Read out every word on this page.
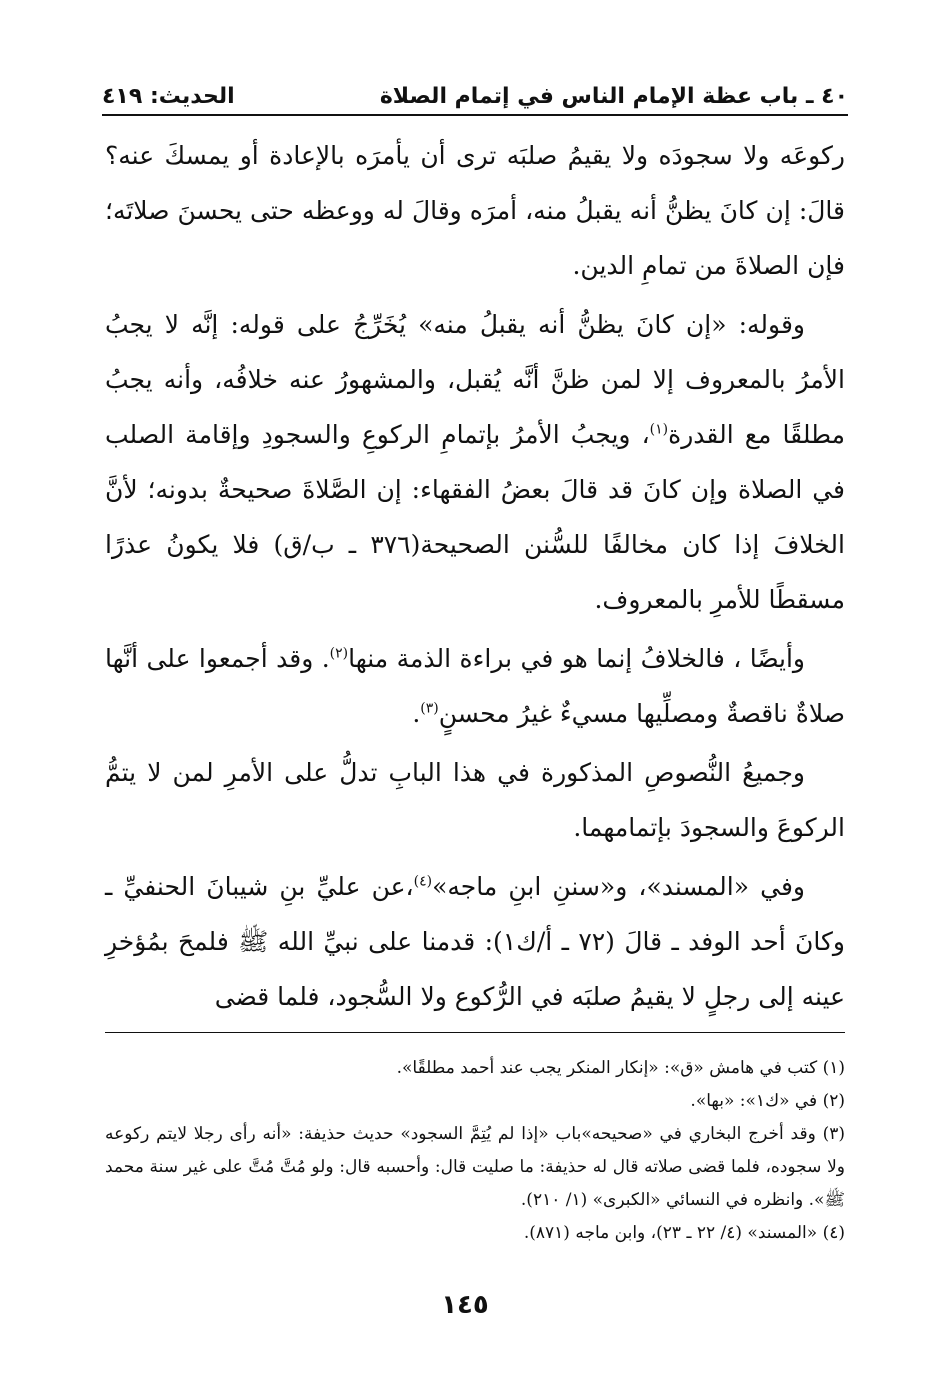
٤٠ ـ باب عظة الإمام الناس في إتمام الصلاة
الحديث: ٤١٩

ركوعَه ولا سجودَه ولا يقيمُ صلبَه ترى أن يأمرَه بالإعادة أو يمسكَ عنه؟ قالَ: إن كانَ يظنُّ أنه يقبلُ منه، أمرَه وقالَ له ووعظه حتى يحسنَ صلاتَه؛ فإن الصلاةَ من تمامِ الدين.

وقوله: «إن كانَ يظنُّ أنه يقبلُ منه» يُخَرِّجُ على قوله: إنَّه لا يجبُ الأمرُ بالمعروف إلا لمن ظنَّ أنَّه يُقبل، والمشهورُ عنه خلافُه، وأنه يجبُ مطلقًا مع القدرة$^{(١)}$، ويجبُ الأمرُ بإتمامِ الركوعِ والسجودِ وإقامة الصلب في الصلاة وإن كانَ قد قالَ بعضُ الفقهاء: إن الصَّلاةَ صحيحةٌ بدونه؛ لأنَّ الخلافَ إذا كان مخالفًا للسُّنن الصحيحة(٣٧٦ ـ ب/ق) فلا يكونُ عذرًا مسقطًا للأمرِ بالمعروف.

وأيضًا ، فالخلافُ إنما هو في براءة الذمة منها$^{(٢)}$. وقد أجمعوا على أنَّها صلاةٌ ناقصةٌ ومصلِّيها مسيءٌ غيرُ محسنٍ$^{(٣)}$.

وجميعُ النُّصوصِ المذكورة في هذا البابِ تدلُّ على الأمرِ لمن لا يتمُّ الركوعَ والسجودَ بإتمامهما.

وفي «المسند»، و«سننِ ابنِ ماجه»$^{(٤)}$،عن عليِّ بنِ شيبانَ الحنفيِّ ـ وكانَ أحد الوفد ـ قالَ (٧٢ ـ أ/ك١): قدمنا على نبيِّ الله ﷺ فلمحَ بمُؤخرِ عينه إلى رجلٍ لا يقيمُ صلبَه في الرُّكوع ولا السُّجود، فلما قضى

(١) كتب في هامش «ق»: «إنكار المنكر يجب عند أحمد مطلقًا».

(٢) في «ك١»: «بها».

(٣) وقد أخرج البخاري في «صحيحه»باب «إذا لم يُتِمَّ السجود» حديث حذيفة: «أنه رأى رجلا لايتم ركوعه ولا سجوده، فلما قضى صلاته قال له حذيفة: ما صليت قال: وأحسبه قال: ولو مُتَّ مُتَّ على غير سنة محمد ﷺ». وانظره في النسائي «الكبرى» (١/ ٢١٠).

(٤) «المسند» (٤/ ٢٢ ـ ٢٣)، وابن ماجه (٨٧١).

١٤٥
